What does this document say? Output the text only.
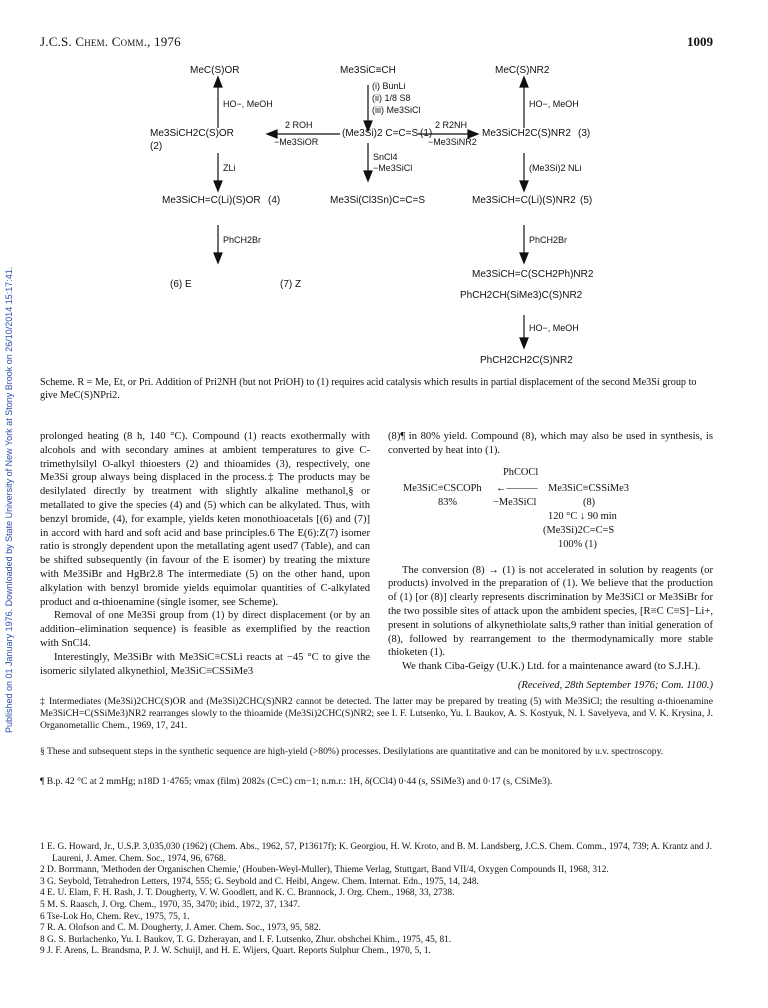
Published on 01 January 1976. Downloaded by State University of New York at Stony Brook on 26/10/2014 15:17:41.
J.C.S. Chem. Comm., 1976	1009
MeC(S)OR	Me3SiC≡CH	MeC(S)NR2
(i) BunLi
(ii) 1/8 S8
(iii) Me3SiCl
HO−, MeOH	HO−, MeOH
Me3SiCH2C(S)OR
(2)
2 ROH
−Me3SiOR
(Me3Si)2 C=C=S (1)
2 R2NH
−Me3SiNR2
Me3SiCH2C(S)NR2 (3)
ZLi
SnCl4
−Me3SiCl	(Me3Si)2 NLi
Me3SiCH=C(Li)(S)OR (4)	Me3Si(Cl3Sn)C=C=S	Me3SiCH=C(Li)(S)NR2 (5)
PhCH2Br	PhCH2Br
(6) E	(7) Z
Me3SiCH=C(SCH2Ph)NR2
PhCH2CH(SiMe3)C(S)NR2
HO−, MeOH
PhCH2CH2C(S)NR2
Scheme. R = Me, Et, or Pri. Addition of Pri2NH (but not PriOH) to (1) requires acid catalysis which results in partial displacement of the second Me3Si group to give MeC(S)NPri2.

prolonged heating (8 h, 140 °C). Compound (1) reacts exothermally with alcohols and with secondary amines at ambient temperatures to give C-trimethylsilyl O-alkyl thioesters (2) and thioamides (3), respectively, one Me3Si group always being displaced in the process.‡ The products may be desilylated directly by treatment with slightly alkaline methanol,§ or metallated to give the species (4) and (5) which can be alkylated. Thus, with benzyl bromide, (4), for example, yields keten monothioacetals [(6) and (7)] in accord with hard and soft acid and base principles.6 The E(6):Z(7) isomer ratio is strongly dependent upon the metallating agent used7 (Table), and can be shifted subsequently (in favour of the E isomer) by treating the mixture with Me3SiBr and HgBr2.8 The intermediate (5) on the other hand, upon alkylation with benzyl bromide yields equimolar quantities of C-alkylated product and α-thioenamine (single isomer, see Scheme).

Removal of one Me3Si group from (1) by direct displacement (or by an addition–elimination sequence) is feasible as exemplified by the reaction with SnCl4.

Interestingly, Me3SiBr with Me3SiC≡CSLi reacts at −45 °C to give the isomeric silylated alkynethiol, Me3SiC≡CSSiMe3

(8)¶ in 80% yield. Compound (8), which may also be used in synthesis, is converted by heat into (1).

PhCOCl
Me3SiC≡CSCOPh ←——— Me3SiC≡CSSiMe3
83%	−Me3SiCl	(8)
120 °C ↓ 90 min
(Me3Si)2C=C=S
100% (1)

The conversion (8) → (1) is not accelerated in solution by reagents (or products) involved in the preparation of (1). We believe that the production of (1) [or (8)] clearly represents discrimination by Me3SiCl or Me3SiBr for the two possible sites of attack upon the ambident species, [R≡C C≡S]−Li+, present in solutions of alkynethiolate salts,9 rather than initial generation of (8), followed by rearrangement to the thermodynamically more stable thioketen (1).

We thank Ciba-Geigy (U.K.) Ltd. for a maintenance award (to S.J.H.).

(Received, 28th September 1976; Com. 1100.)
‡ Intermediates (Me3Si)2CHC(S)OR and (Me3Si)2CHC(S)NR2 cannot be detected. The latter may be prepared by treating (5) with Me3SiCl; the resulting α-thioenamine Me3SiCH=C(SSiMe3)NR2 rearranges slowly to the thioamide (Me3Si)2CHC(S)NR2; see I. F. Lutsenko, Yu. I. Baukov, A. S. Kostyuk, N. I. Savelyeva, and V. K. Krysina, J. Organometallic Chem., 1969, 17, 241.
§ These and subsequent steps in the synthetic sequence are high-yield (>80%) processes. Desilylations are quantitative and can be monitored by u.v. spectroscopy.
¶ B.p. 42 °C at 2 mmHg; n18D 1·4765; νmax (film) 2082s (C≡C) cm−1; n.m.r.: 1H, δ(CCl4) 0·44 (s, SSiMe3) and 0·17 (s, CSiMe3).
1 E. G. Howard, Jr., U.S.P. 3,035,030 (1962) (Chem. Abs., 1962, 57, P13617f); K. Georgiou, H. W. Kroto, and B. M. Landsberg, J.C.S. Chem. Comm., 1974, 739; A. Krantz and J. Laureni, J. Amer. Chem. Soc., 1974, 96, 6768.
2 D. Borrmann, 'Methoden der Organischen Chemie,' (Houben-Weyl-Muller), Thieme Verlag, Stuttgart, Band VII/4, Oxygen Compounds II, 1968, 312.
3 G. Seybold, Tetrahedron Letters, 1974, 555; G. Seybold and C. Heibl, Angew. Chem. Internat. Edn., 1975, 14, 248.
4 E. U. Elam, F. H. Rash, J. T. Dougherty, V. W. Goodlett, and K. C. Brannock, J. Org. Chem., 1968, 33, 2738.
5 M. S. Raasch, J. Org. Chem., 1970, 35, 3470; ibid., 1972, 37, 1347.
6 Tse-Lok Ho, Chem. Rev., 1975, 75, 1.
7 R. A. Olofson and C. M. Dougherty, J. Amer. Chem. Soc., 1973, 95, 582.
8 G. S. Burlachenko, Yu. I. Baukov, T. G. Dzherayan, and I. F. Lutsenko, Zhur. obshchei Khim., 1975, 45, 81.
9 J. F. Arens, L. Brandsma, P. J. W. Schuijl, and H. E. Wijers, Quart. Reports Sulphur Chem., 1970, 5, 1.
